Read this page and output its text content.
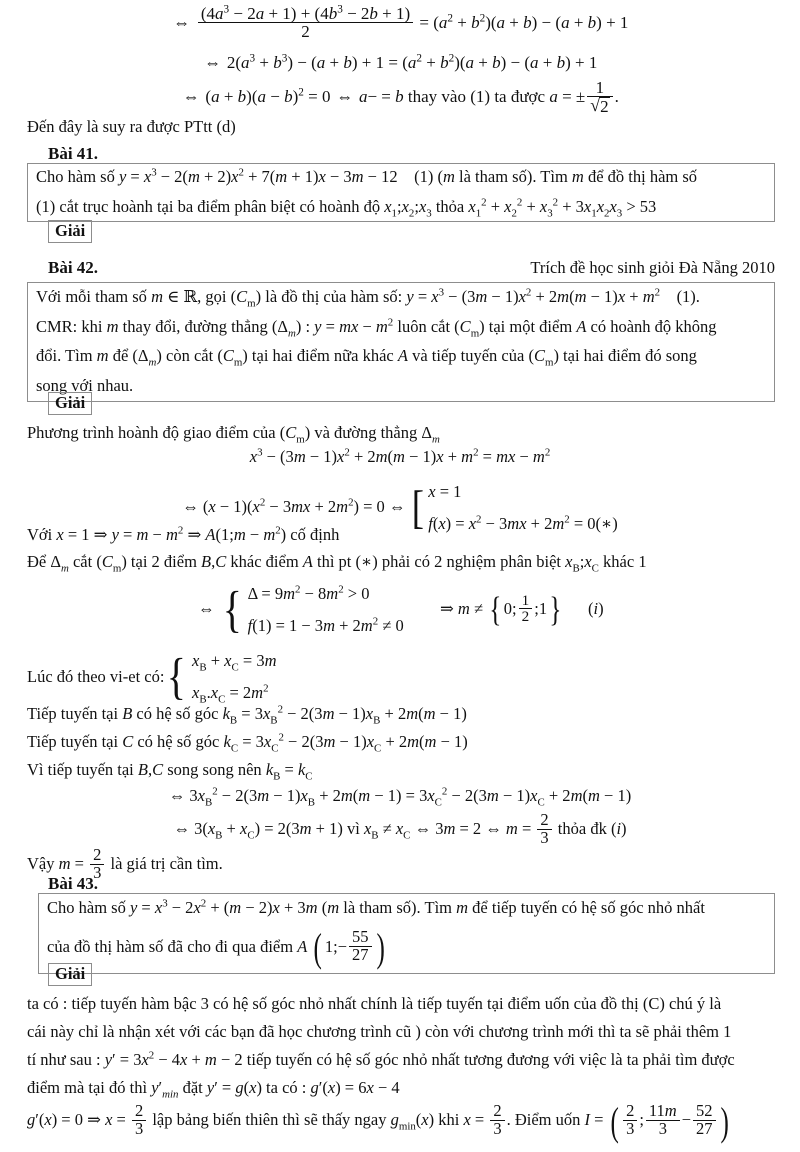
⇔ $\frac{(4a^3 - 2a + 1) + (4b^3 - 2b + 1)}{2} = (a^2 + b^2)(a + b) - (a + b) + 1$
⇔ $2(a^3 + b^3) - (a + b) + 1 = (a^2 + b^2)(a + b) - (a + b) + 1$
⇔ $(a + b)(a - b)^2 = 0$ ⇔ a− = b thay vào (1) ta được a = ± 1
√ 2 .
Đến đây là suy ra được PTtt (d)
Bài 41.
Cho hàm số $y = x^3 - 2(m + 2)x^2 + 7(m + 1)x - 3m - 12$    (1) (m là tham số). Tìm m để đồ thị hàm số
(1) cắt trục hoành tại ba điểm phân biệt có hoành độ $x_1;x_2;x_3$ thỏa $x_1^2 + x_2^2 + x_3^2 + 3x_1x_2x_3 > 53$
Giải
Trích đề học sinh giỏi Đà Nẵng 2010
Bài 42.
Với mỗi tham số m ∈ ℝ, gọi $(C_m)$ là đồ thị của hàm số: $y = x^3 - (3m - 1)x^2 + 2m(m - 1)x + m^2$    (1).
CMR: khi m thay đổi, đường thẳng $(\Delta_m)$ : y = mx − $m^2$ luôn cắt $(C_m)$ tại một điểm A có hoành độ không
đổi. Tìm m để $(\Delta_m)$ còn cắt $(C_m)$ tại hai điểm nữa khác A và tiếp tuyến của $(C_m)$ tại hai điểm đó song
song với nhau.
Giải
Phương trình hoành độ giao điểm của $(C_m)$ và đường thẳng $\Delta_m$
$x^3 - (3m - 1)x^2 + 2m(m - 1)x + m^2$ = mx − $m^2$
⇔ $(x - 1)(x^2 - 3mx + 2m^2) = 0$ ⇔ [ x = 1
$f(x) = x^2 - 3mx + 2m^2$ = 0(∗)
Với x = 1 ⇒ $y = m - m^2$ ⇒ A(1;m − $m^2$) cố định
Để $\Delta_m$ cắt $(C_m)$ tại 2 điểm B,C khác điểm A thì pt (∗) phải có 2 nghiệm phân biệt $x_B;x_C$ khác 1
⇔ { $\Delta = 9m^2 - 8m^2 > 0$
$f(1) = 1 - 3m + 2m^2 \ne 0$
⇒ m ≠ { 0; $\frac{1}{2}$ ;1 } (i)
Lúc đó theo vi-et có: { $x_B + x_C = 3m$
$x_B.x_C = 2m^2$
Tiếp tuyến tại B có hệ số góc $k_B = 3x_B^2 - 2(3m - 1)x_B + 2m(m - 1)$
Tiếp tuyến tại C có hệ số góc $k_C = 3x_C^2 - 2(3m - 1)x_C + 2m(m - 1)$
Vì tiếp tuyến tại B,C song song nên $k_B = k_C$
⇔ $3x_B^2 - 2(3m - 1)x_B + 2m(m - 1) = 3x_C^2 - 2(3m - 1)x_C + 2m(m - 1)$
⇔ $3(x_B + x_C) = 2(3m + 1)$ vì $x_B \ne x_C$ ⇔ 3m = 2 ⇔ $m = \frac{2}{3}$ thỏa đk (i)
Vậy $m = \frac{2}{3}$ là giá trị cần tìm.
Bài 43.
Cho hàm số $y = x^3 - 2x^2 + (m - 2)x + 3m$ (m là tham số). Tìm m để tiếp tuyến có hệ số góc nhỏ nhất
của đồ thị hàm số đã cho đi qua điểm A ( 1;− $\frac{55}{27}$ )
Giải
ta có : tiếp tuyến hàm bậc 3 có hệ số góc nhỏ nhất chính là tiếp tuyến tại điểm uốn của đồ thị (C) chú ý là
cái này chỉ là nhận xét với các bạn đã học chương trình cũ ) còn với chương trình mới thì ta sẽ phải thêm 1
tí như sau : $y' = 3x^2 - 4x + m - 2$ tiếp tuyến có hệ số góc nhỏ nhất tương đương với việc là ta phải tìm được
điểm mà tại đó thì $y'_{min}$ đặt y′ = g(x) ta có : g′(x) = 6x − 4
g′(x) = 0 ⇒ $x = \frac{2}{3}$ lập bảng biến thiên thì sẽ thấy ngay $g_{min}(x)$ khi $x = \frac{2}{3}$ . Điểm uốn I = ( $\frac{2}{3}$ ; $\frac{11m}{3} - \frac{52}{27}$ )
